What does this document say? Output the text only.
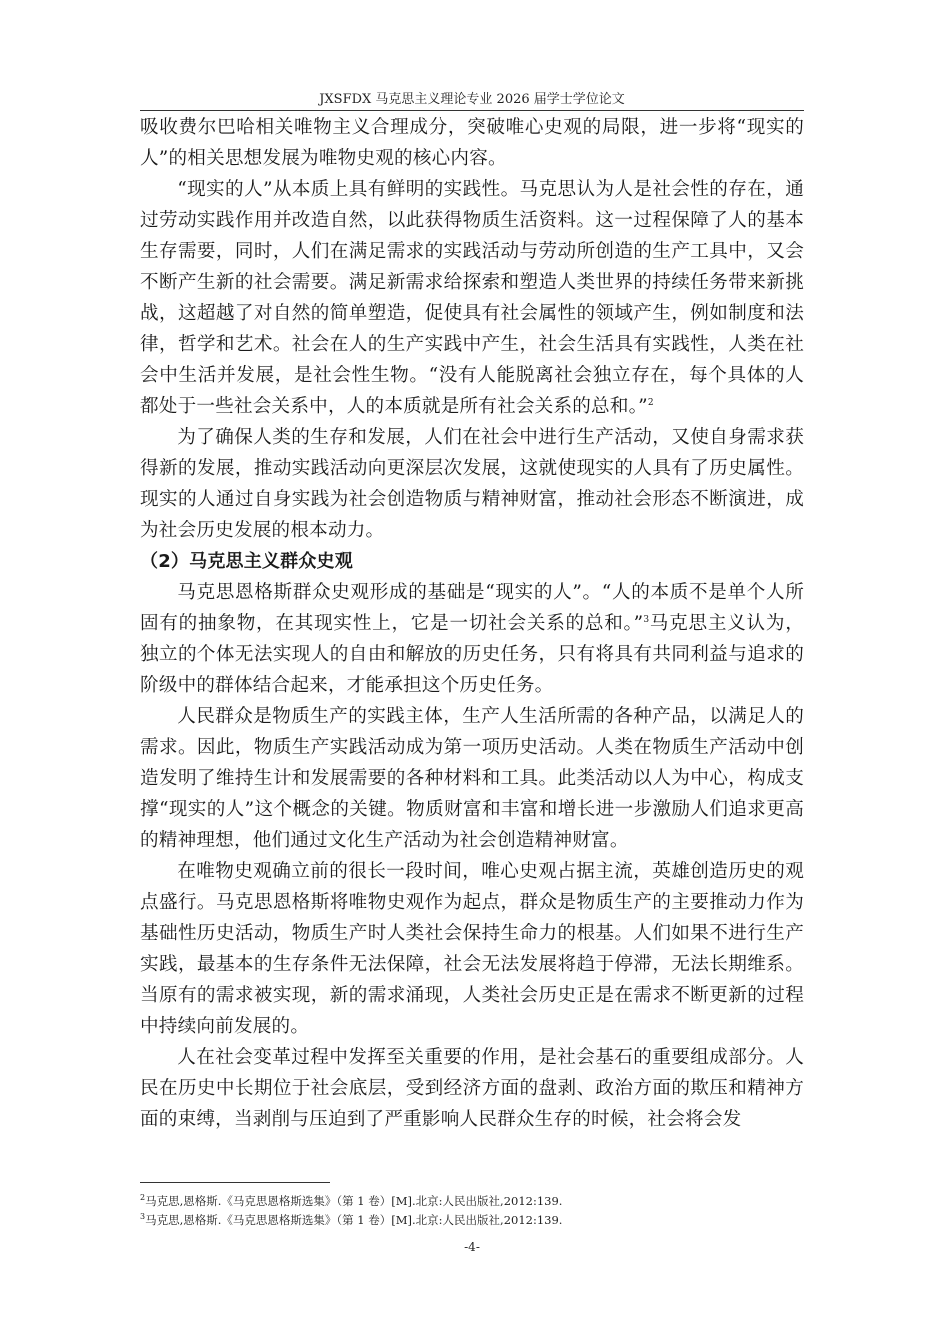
JXSFDX 马克思主义理论专业 2026 届学士学位论文

吸收费尔巴哈相关唯物主义合理成分，突破唯心史观的局限，进一步将“现实的人”的相关思想发展为唯物史观的核心内容。

“现实的人”从本质上具有鲜明的实践性。马克思认为人是社会性的存在，通过劳动实践作用并改造自然，以此获得物质生活资料。这一过程保障了人的基本生存需要，同时，人们在满足需求的实践活动与劳动所创造的生产工具中，又会不断产生新的社会需要。满足新需求给探索和塑造人类世界的持续任务带来新挑战，这超越了对自然的简单塑造，促使具有社会属性的领域产生，例如制度和法律，哲学和艺术。社会在人的生产实践中产生，社会生活具有实践性，人类在社会中生活并发展，是社会性生物。“没有人能脱离社会独立存在，每个具体的人都处于一些社会关系中，人的本质就是所有社会关系的总和。”$^2$

为了确保人类的生存和发展，人们在社会中进行生产活动，又使自身需求获得新的发展，推动实践活动向更深层次发展，这就使现实的人具有了历史属性。现实的人通过自身实践为社会创造物质与精神财富，推动社会形态不断演进，成为社会历史发展的根本动力。

（2）马克思主义群众史观

马克思恩格斯群众史观形成的基础是“现实的人”。“人的本质不是单个人所固有的抽象物，在其现实性上，它是一切社会关系的总和。”$^3$马克思主义认为，独立的个体无法实现人的自由和解放的历史任务，只有将具有共同利益与追求的阶级中的群体结合起来，才能承担这个历史任务。

人民群众是物质生产的实践主体，生产人生活所需的各种产品，以满足人的需求。因此，物质生产实践活动成为第一项历史活动。人类在物质生产活动中创造发明了维持生计和发展需要的各种材料和工具。此类活动以人为中心，构成支撑“现实的人”这个概念的关键。物质财富和丰富和增长进一步激励人们追求更高的精神理想，他们通过文化生产活动为社会创造精神财富。

在唯物史观确立前的很长一段时间，唯心史观占据主流，英雄创造历史的观点盛行。马克思恩格斯将唯物史观作为起点，群众是物质生产的主要推动力作为基础性历史活动，物质生产时人类社会保持生命力的根基。人们如果不进行生产实践，最基本的生存条件无法保障，社会无法发展将趋于停滞，无法长期维系。当原有的需求被实现，新的需求涌现，人类社会历史正是在需求不断更新的过程中持续向前发展的。

人在社会变革过程中发挥至关重要的作用，是社会基石的重要组成部分。人民在历史中长期位于社会底层，受到经济方面的盘剥、政治方面的欺压和精神方面的束缚，当剥削与压迫到了严重影响人民群众生存的时候，社会将会发

$^2$马克思,恩格斯.《马克思恩格斯选集》（第 1 卷）[M].北京:人民出版社,2012:139.
$^3$马克思,恩格斯.《马克思恩格斯选集》（第 1 卷）[M].北京:人民出版社,2012:139.
-4-
